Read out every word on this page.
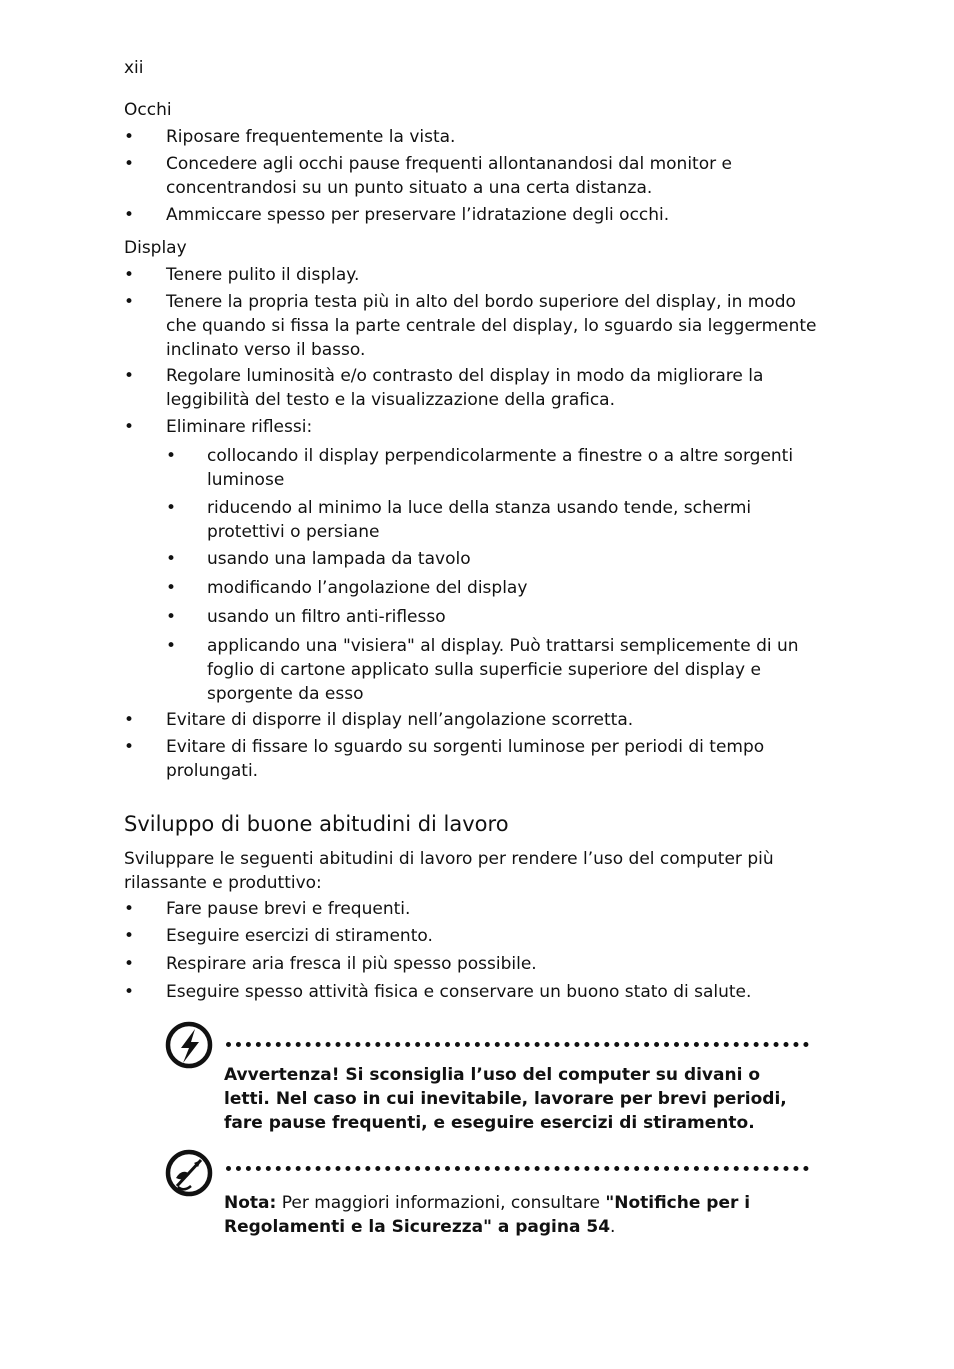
xii
Occhi
• Riposare frequentemente la vista.
• Concedere agli occhi pause frequenti allontanandosi dal monitor e concentrandosi su un punto situato a una certa distanza.
• Ammiccare spesso per preservare l’idratazione degli occhi.
Display
• Tenere pulito il display.
• Tenere la propria testa più in alto del bordo superiore del display, in modo che quando si fissa la parte centrale del display, lo sguardo sia leggermente inclinato verso il basso.
• Regolare luminosità e/o contrasto del display in modo da migliorare la leggibilità del testo e la visualizzazione della grafica.
• Eliminare riflessi:
• collocando il display perpendicolarmente a finestre o a altre sorgenti luminose
• riducendo al minimo la luce della stanza usando tende, schermi protettivi o persiane
• usando una lampada da tavolo
• modificando l’angolazione del display
• usando un filtro anti-riflesso
• applicando una "visiera" al display. Può trattarsi semplicemente di un foglio di cartone applicato sulla superficie superiore del display e sporgente da esso
• Evitare di disporre il display nell’angolazione scorretta.
• Evitare di fissare lo sguardo su sorgenti luminose per periodi di tempo prolungati.
Sviluppo di buone abitudini di lavoro
Sviluppare le seguenti abitudini di lavoro per rendere l’uso del computer più rilassante e produttivo:
• Fare pause brevi e frequenti.
• Eseguire esercizi di stiramento.
• Respirare aria fresca il più spesso possibile.
• Eseguire spesso attività fisica e conservare un buono stato di salute.
Avvertenza! Si sconsiglia l’uso del computer su divani o letti. Nel caso in cui inevitabile, lavorare per brevi periodi, fare pause frequenti, e eseguire esercizi di stiramento.
Nota: Per maggiori informazioni, consultare "Notifiche per i Regolamenti e la Sicurezza" a pagina 54.
